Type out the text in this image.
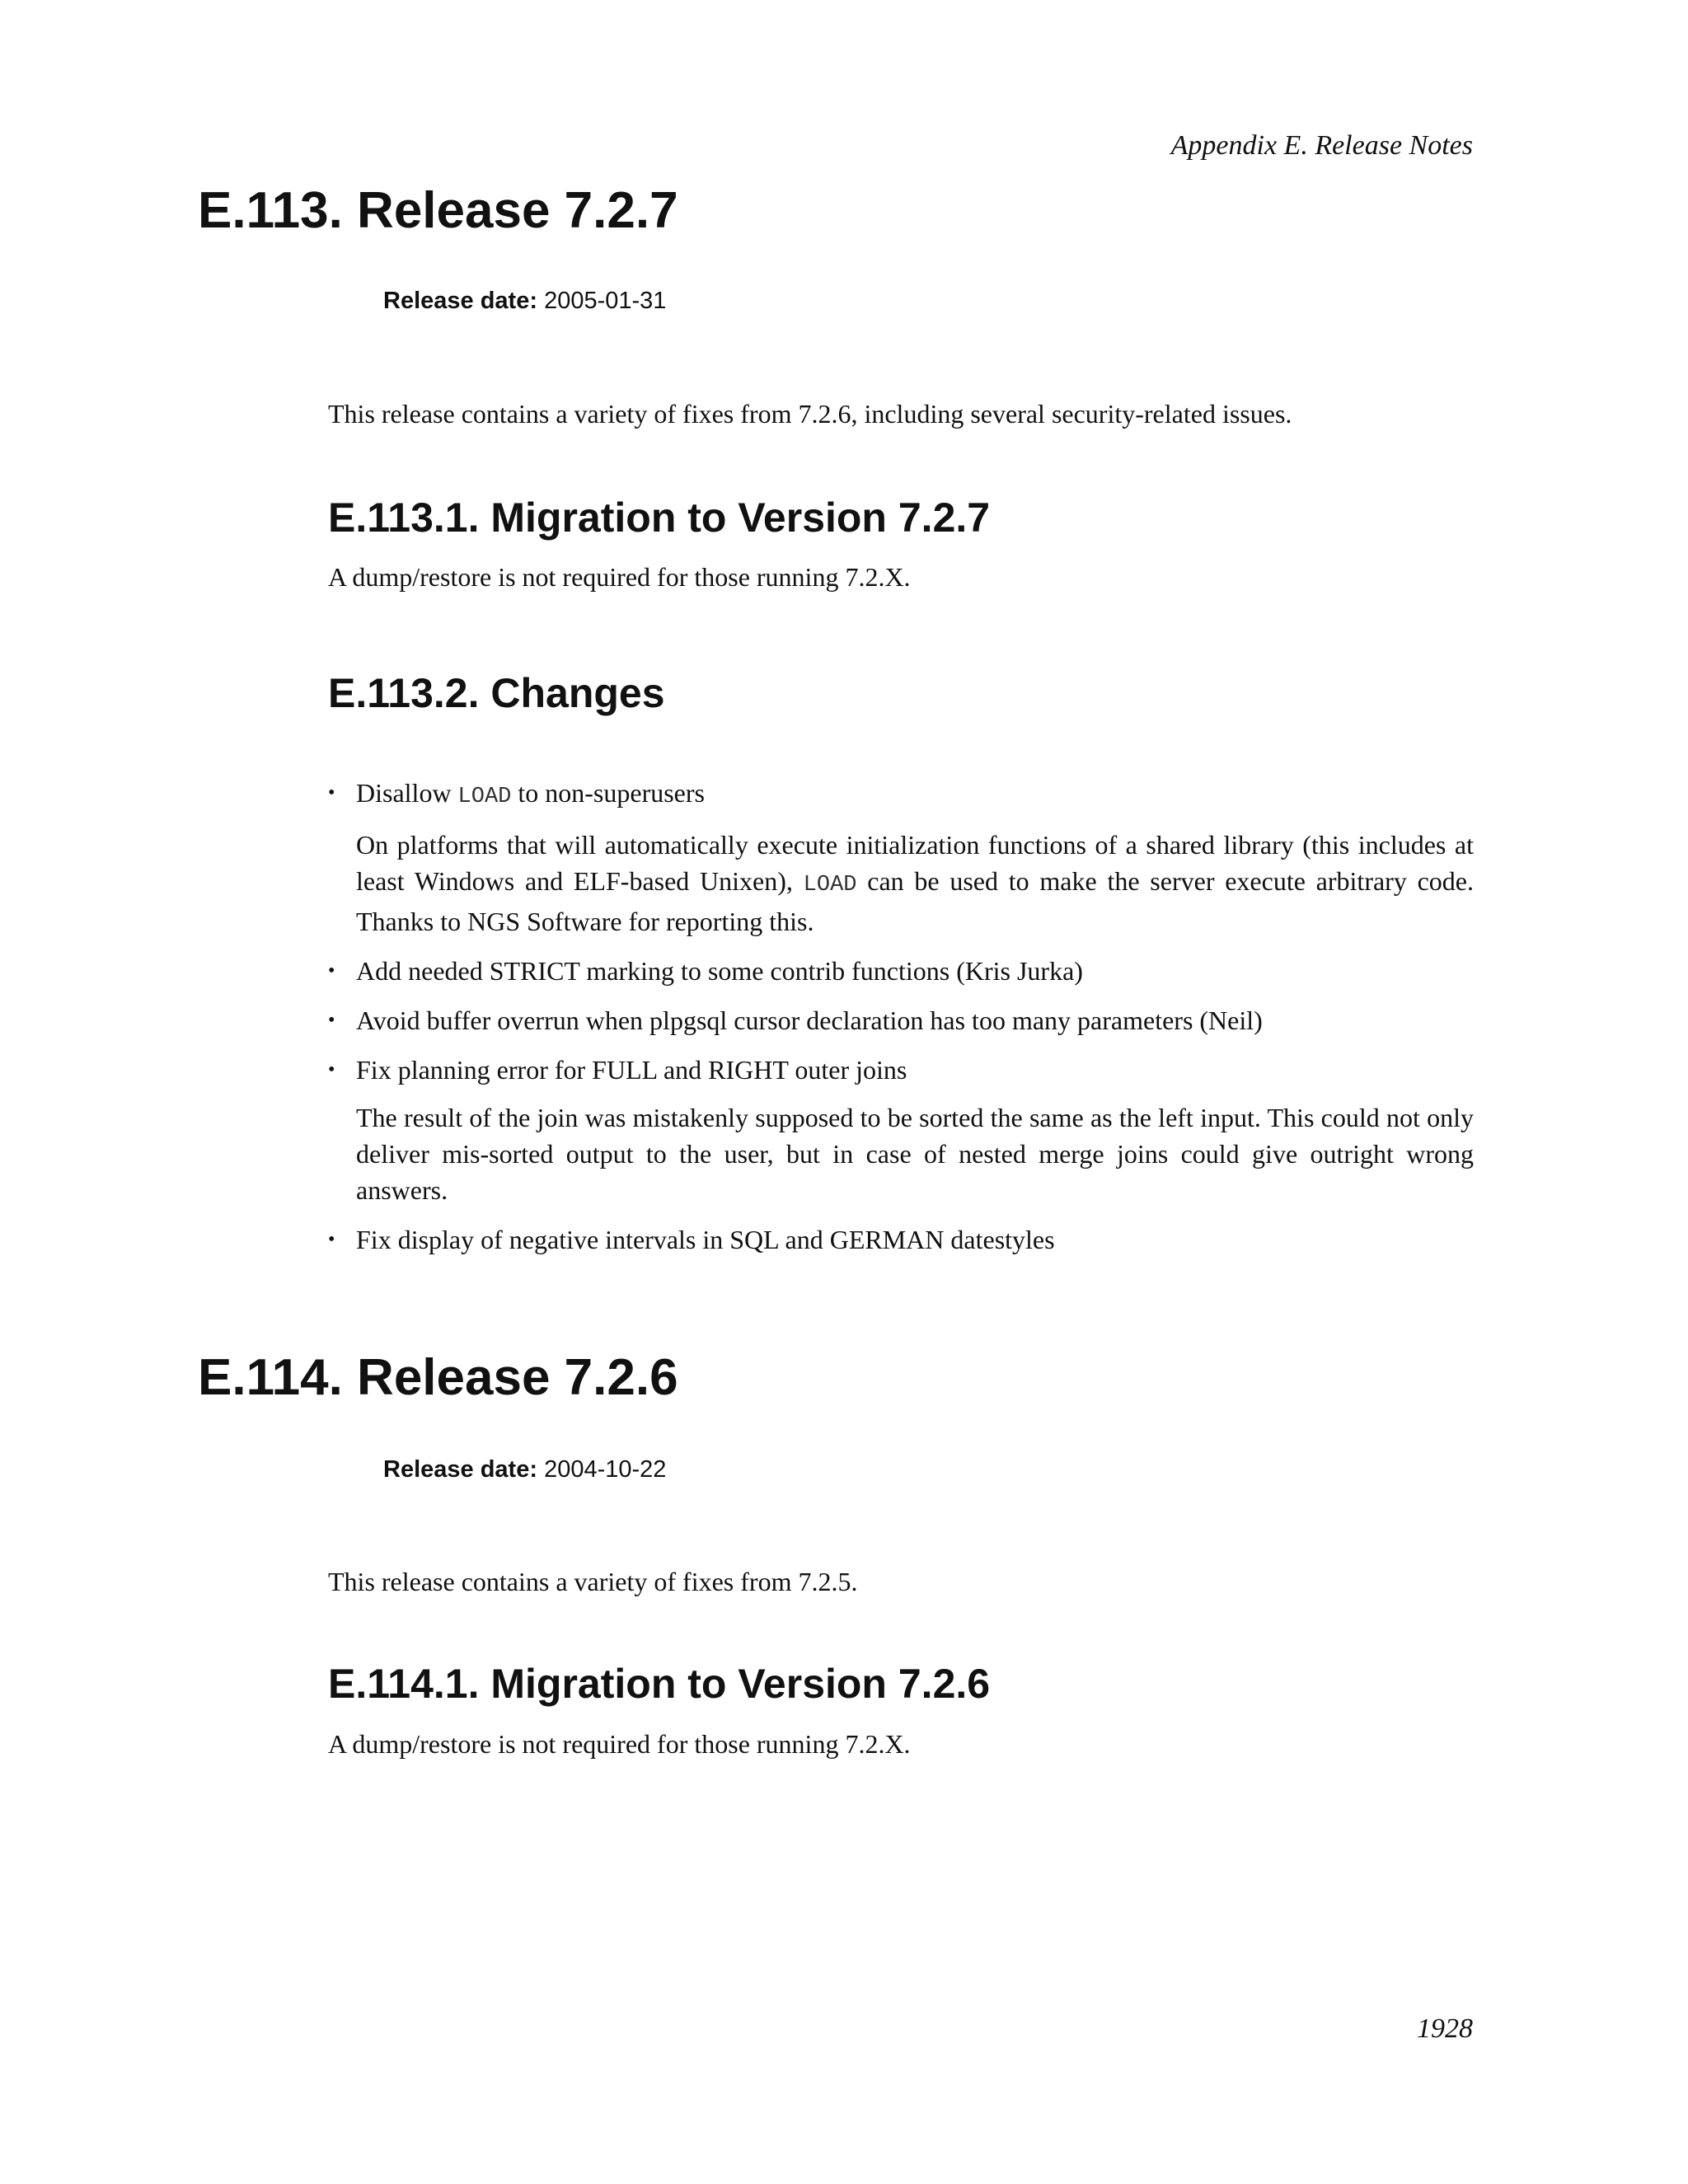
Appendix E. Release Notes
E.113. Release 7.2.7
Release date: 2005-01-31

This release contains a variety of fixes from 7.2.6, including several security-related issues.

E.113.1. Migration to Version 7.2.7

A dump/restore is not required for those running 7.2.X.

E.113.2. Changes
• Disallow LOAD to non-superusers
On platforms that will automatically execute initialization functions of a shared library (this includes at least Windows and ELF-based Unixen), LOAD can be used to make the server execute arbitrary code. Thanks to NGS Software for reporting this.
• Add needed STRICT marking to some contrib functions (Kris Jurka)
• Avoid buffer overrun when plpgsql cursor declaration has too many parameters (Neil)
• Fix planning error for FULL and RIGHT outer joins
The result of the join was mistakenly supposed to be sorted the same as the left input. This could not only deliver mis-sorted output to the user, but in case of nested merge joins could give outright wrong answers.
• Fix display of negative intervals in SQL and GERMAN datestyles
E.114. Release 7.2.6
Release date: 2004-10-22

This release contains a variety of fixes from 7.2.5.

E.114.1. Migration to Version 7.2.6

A dump/restore is not required for those running 7.2.X.

1928
